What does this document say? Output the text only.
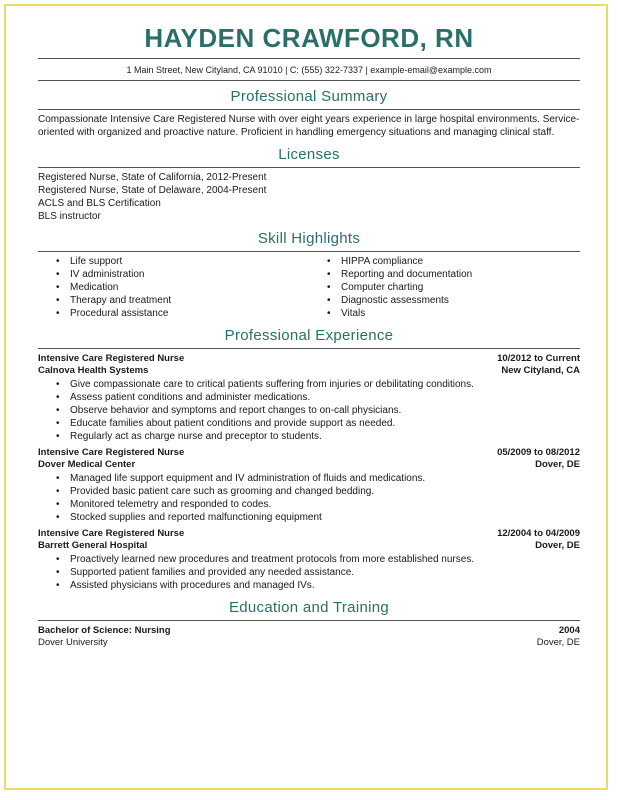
HAYDEN CRAWFORD, RN
1 Main Street, New Cityland, CA 91010 | C: (555) 322-7337 | example-email@example.com
Professional Summary
Compassionate Intensive Care Registered Nurse with over eight years experience in large hospital environments. Service-oriented with organized and proactive nature. Proficient in handling emergency situations and managing clinical staff.
Licenses
Registered Nurse, State of California, 2012-Present
Registered Nurse, State of Delaware, 2004-Present
ACLS and BLS Certification
BLS instructor
Skill Highlights
• Life support
• IV administration
• Medication
• Therapy and treatment
• Procedural assistance
• HIPPA compliance
• Reporting and documentation
• Computer charting
• Diagnostic assessments
• Vitals
Professional Experience
Intensive Care Registered Nurse	10/2012 to Current
Calnova Health Systems	New Cityland, CA
• Give compassionate care to critical patients suffering from injuries or debilitating conditions.
• Assess patient conditions and administer medications.
• Observe behavior and symptoms and report changes to on-call physicians.
• Educate families about patient conditions and provide support as needed.
• Regularly act as charge nurse and preceptor to students.
Intensive Care Registered Nurse	05/2009 to 08/2012
Dover Medical Center	Dover, DE
• Managed life support equipment and IV administration of fluids and medications.
• Provided basic patient care such as grooming and changed bedding.
• Monitored telemetry and responded to codes.
• Stocked supplies and reported malfunctioning equipment
Intensive Care Registered Nurse	12/2004 to 04/2009
Barrett General Hospital	Dover, DE
• Proactively learned new procedures and treatment protocols from more established nurses.
• Supported patient families and provided any needed assistance.
• Assisted physicians with procedures and managed IVs.
Education and Training
Bachelor of Science: Nursing	2004
Dover University	Dover, DE
